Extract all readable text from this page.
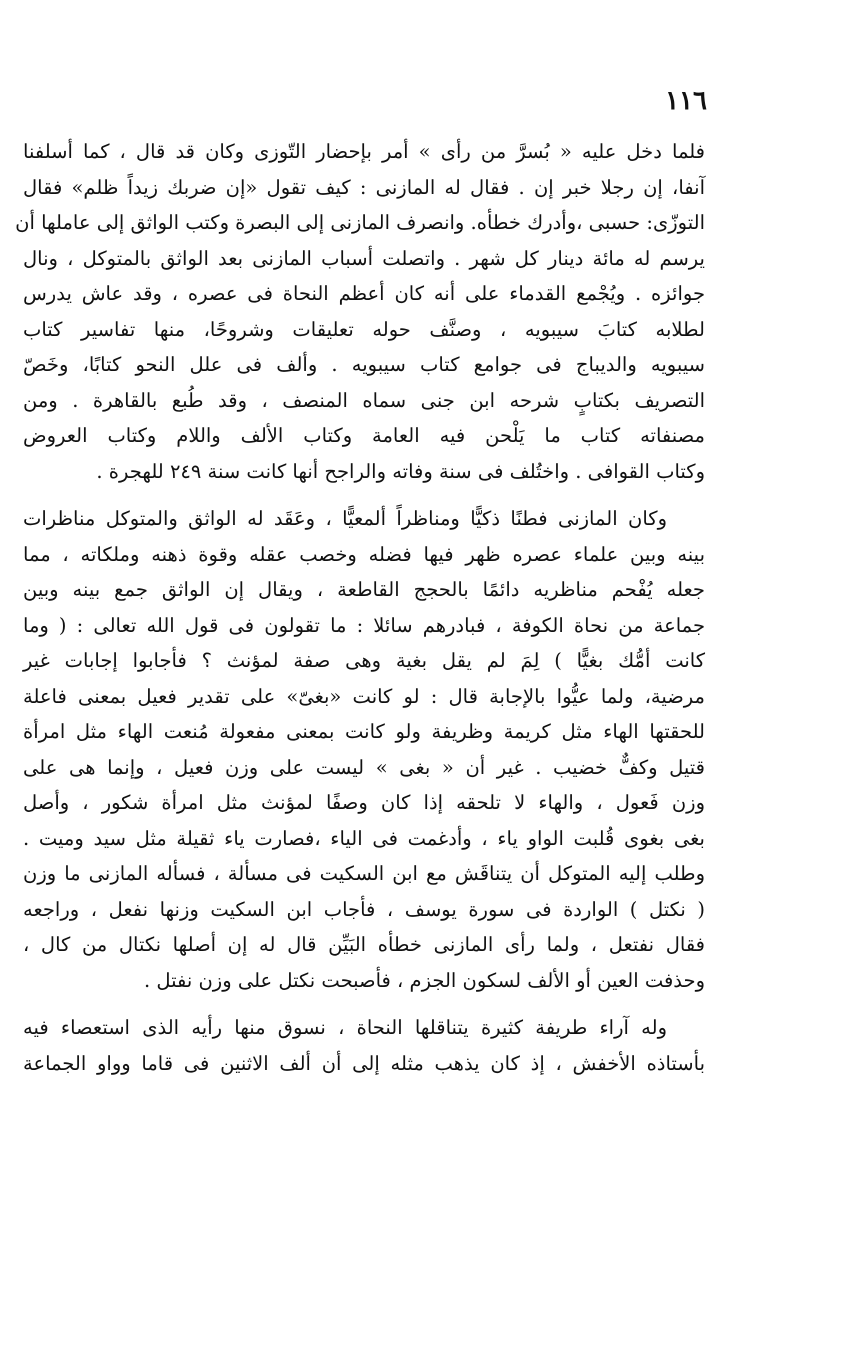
١١٦

فلما دخل عليه « بُسرَّ من رأى » أمر بإحضار التّوزى وكان قد قال ، كما أسلفنا
آنفا، إن رجلا خبر إن . فقال له المازنى : كيف تقول «إن ضربك زيداً ظلم» فقال
التوزّى: حسبى ،وأدرك خطأه. وانصرف المازنى إلى البصرة وكتب الواثق إلى عاملها أن
يرسم له مائة دينار كل شهر . واتصلت أسباب المازنى بعد الواثق بالمتوكل ، ونال
جوائزه . ويُجْمع القدماء على أنه كان أعظم النحاة فى عصره ، وقد عاش يدرس
لطلابه كتابَ سيبويه ، وصنَّف حوله تعليقات وشروحًا، منها تفاسير كتاب
سيبويه والديباج فى جوامع كتاب سيبويه . وألف فى علل النحو كتابًا، وخَصّ
التصريف بكتابٍ شرحه ابن جنى سماه المنصف ، وقد طُبع بالقاهرة . ومن
مصنفاته كتاب ما يَلْحن فيه العامة وكتاب الألف واللام وكتاب العروض
وكتاب القوافى . واختُلف فى سنة وفاته والراجح أنها كانت سنة ٢٤٩ للهجرة .

وكان المازنى فطنًا ذكيًّا ومناظراً ألمعيًّا ، وعَقَد له الواثق والمتوكل مناظرات
بينه وبين علماء عصره ظهر فيها فضله وخصب عقله وقوة ذهنه وملكاته ، مما
جعله يُفْحم مناظريه دائمًا بالحجج القاطعة ، ويقال إن الواثق جمع بينه وبين
جماعة من نحاة الكوفة ، فبادرهم سائلا : ما تقولون فى قول الله تعالى : ( وما
كانت أمُّك بغيًّا ) لِمَ لم يقل بغية وهى صفة لمؤنث ؟ فأجابوا إجابات غير
مرضية، ولما عيُّوا بالإجابة قال : لو كانت «بغىّ» على تقدير فعيل بمعنى فاعلة
للحقتها الهاء مثل كريمة وظريفة ولو كانت بمعنى مفعولة مُنعت الهاء مثل امرأة
قتيل وكفٌّ خضيب . غير أن « بغى » ليست على وزن فعيل ، وإنما هى على
وزن فَعول ، والهاء لا تلحقه إذا كان وصفًا لمؤنث مثل امرأة شكور ، وأصل
بغى بغوى قُلبت الواو ياء ، وأدغمت فى الياء ،فصارت ياء ثقيلة مثل سيد وميت .
وطلب إليه المتوكل أن يتناقَش مع ابن السكيت فى مسألة ، فسأله المازنى ما وزن
( نكتل ) الواردة فى سورة يوسف ، فأجاب ابن السكيت وزنها نفعل ، وراجعه
فقال نفتعل ، ولما رأى المازنى خطأه البَيِّن قال له إن أصلها نكتال من كال ،
وحذفت العين أو الألف لسكون الجزم ، فأصبحت نكتل على وزن نفتل .

وله آراء طريفة كثيرة يتناقلها النحاة ، نسوق منها رأيه الذى استعصاء فيه
بأستاذه الأخفش ، إذ كان يذهب مثله إلى أن ألف الاثنين فى قاما وواو الجماعة
